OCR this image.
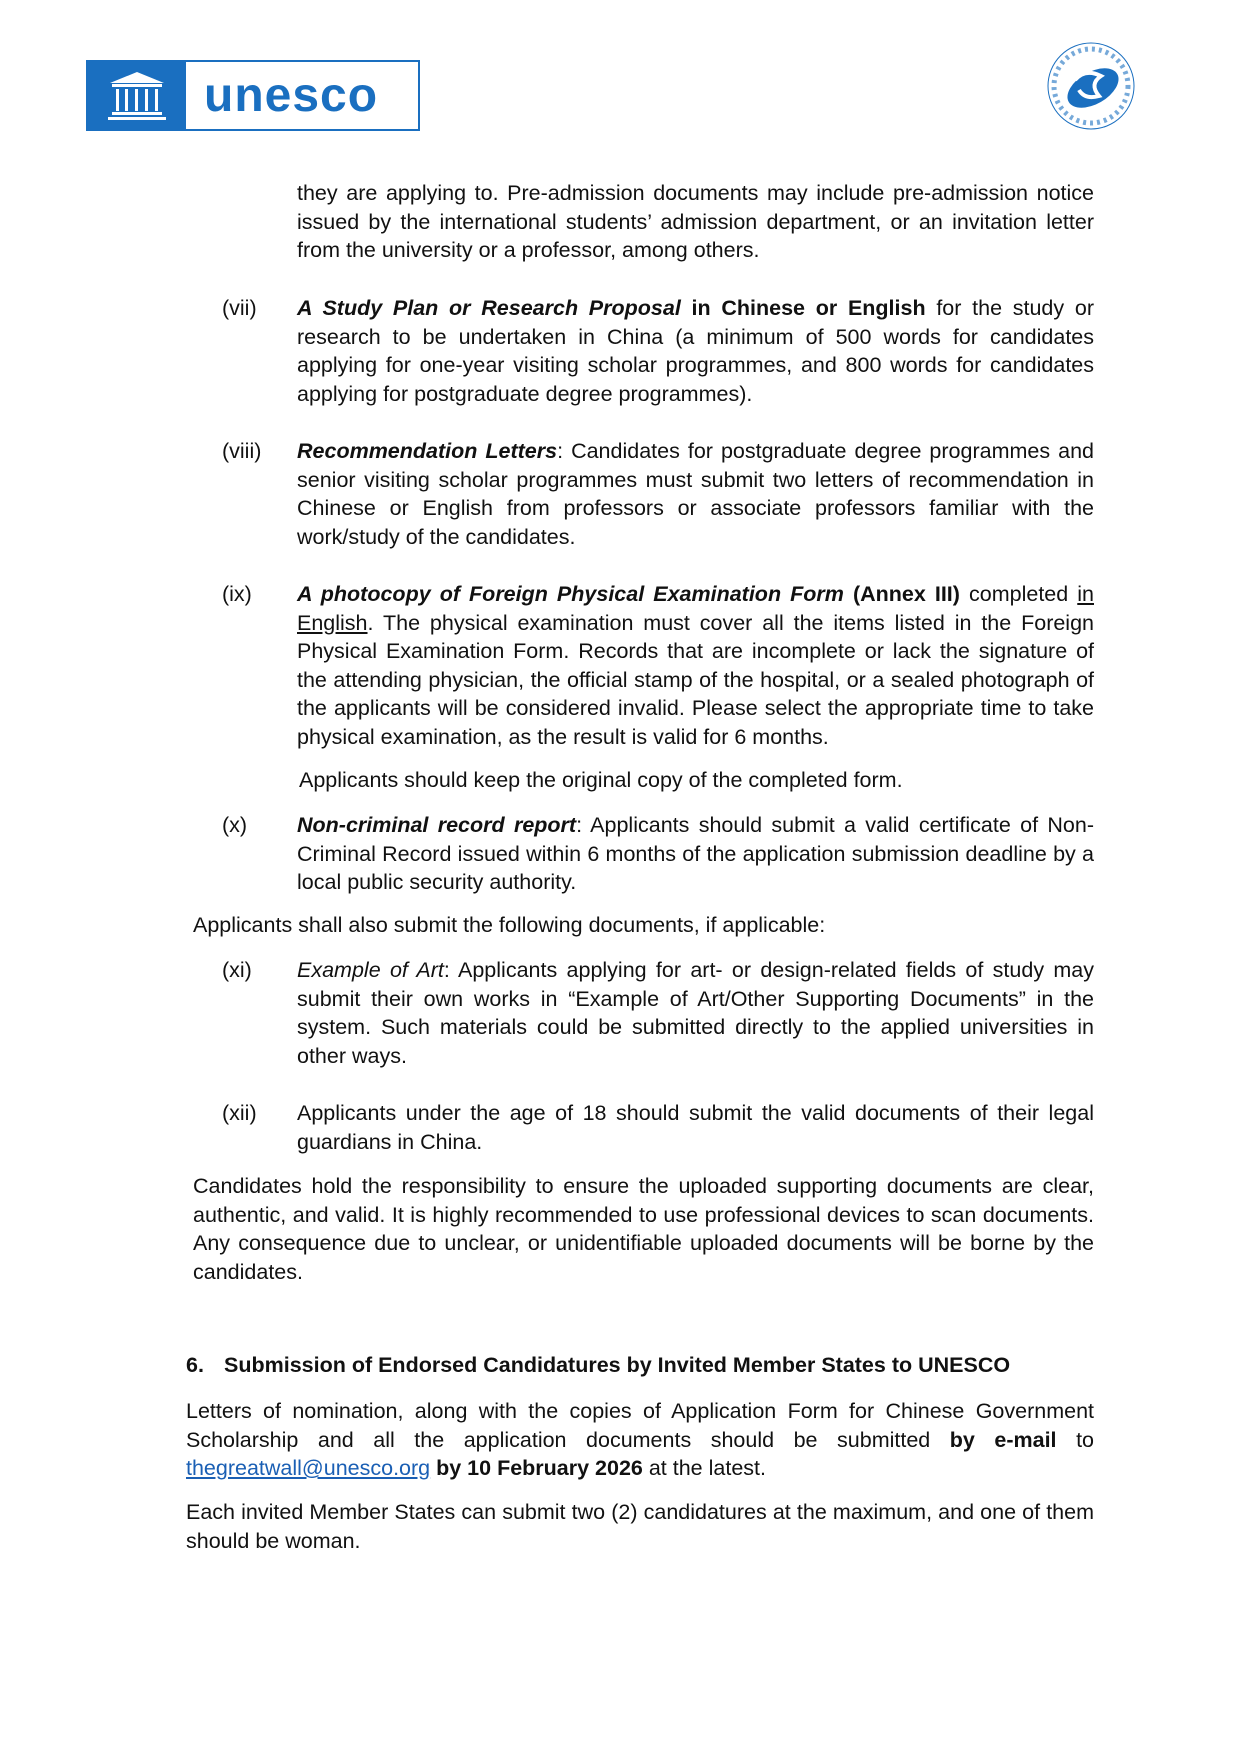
unesco

they are applying to. Pre-admission documents may include pre-admission notice issued by the international students’ admission department, or an invitation letter from the university or a professor, among others.

(vii) A Study Plan or Research Proposal in Chinese or English for the study or research to be undertaken in China (a minimum of 500 words for candidates applying for one-year visiting scholar programmes, and 800 words for candidates applying for postgraduate degree programmes).
(viii) Recommendation Letters: Candidates for postgraduate degree programmes and senior visiting scholar programmes must submit two letters of recommendation in Chinese or English from professors or associate professors familiar with the work/study of the candidates.
(ix) A photocopy of Foreign Physical Examination Form (Annex III) completed in English. The physical examination must cover all the items listed in the Foreign Physical Examination Form. Records that are incomplete or lack the signature of the attending physician, the official stamp of the hospital, or a sealed photograph of the applicants will be considered invalid. Please select the appropriate time to take physical examination, as the result is valid for 6 months.

Applicants should keep the original copy of the completed form.

(x) Non-criminal record report: Applicants should submit a valid certificate of Non-Criminal Record issued within 6 months of the application submission deadline by a local public security authority.

Applicants shall also submit the following documents, if applicable:

(xi) Example of Art: Applicants applying for art- or design-related fields of study may submit their own works in “Example of Art/Other Supporting Documents” in the system. Such materials could be submitted directly to the applied universities in other ways.
(xii) Applicants under the age of 18 should submit the valid documents of their legal guardians in China.

Candidates hold the responsibility to ensure the uploaded supporting documents are clear, authentic, and valid. It is highly recommended to use professional devices to scan documents. Any consequence due to unclear, or unidentifiable uploaded documents will be borne by the candidates.

6. Submission of Endorsed Candidatures by Invited Member States to UNESCO

Letters of nomination, along with the copies of Application Form for Chinese Government Scholarship and all the application documents should be submitted by e-mail to thegreatwall@unesco.org by 10 February 2026 at the latest.

Each invited Member States can submit two (2) candidatures at the maximum, and one of them should be woman.
